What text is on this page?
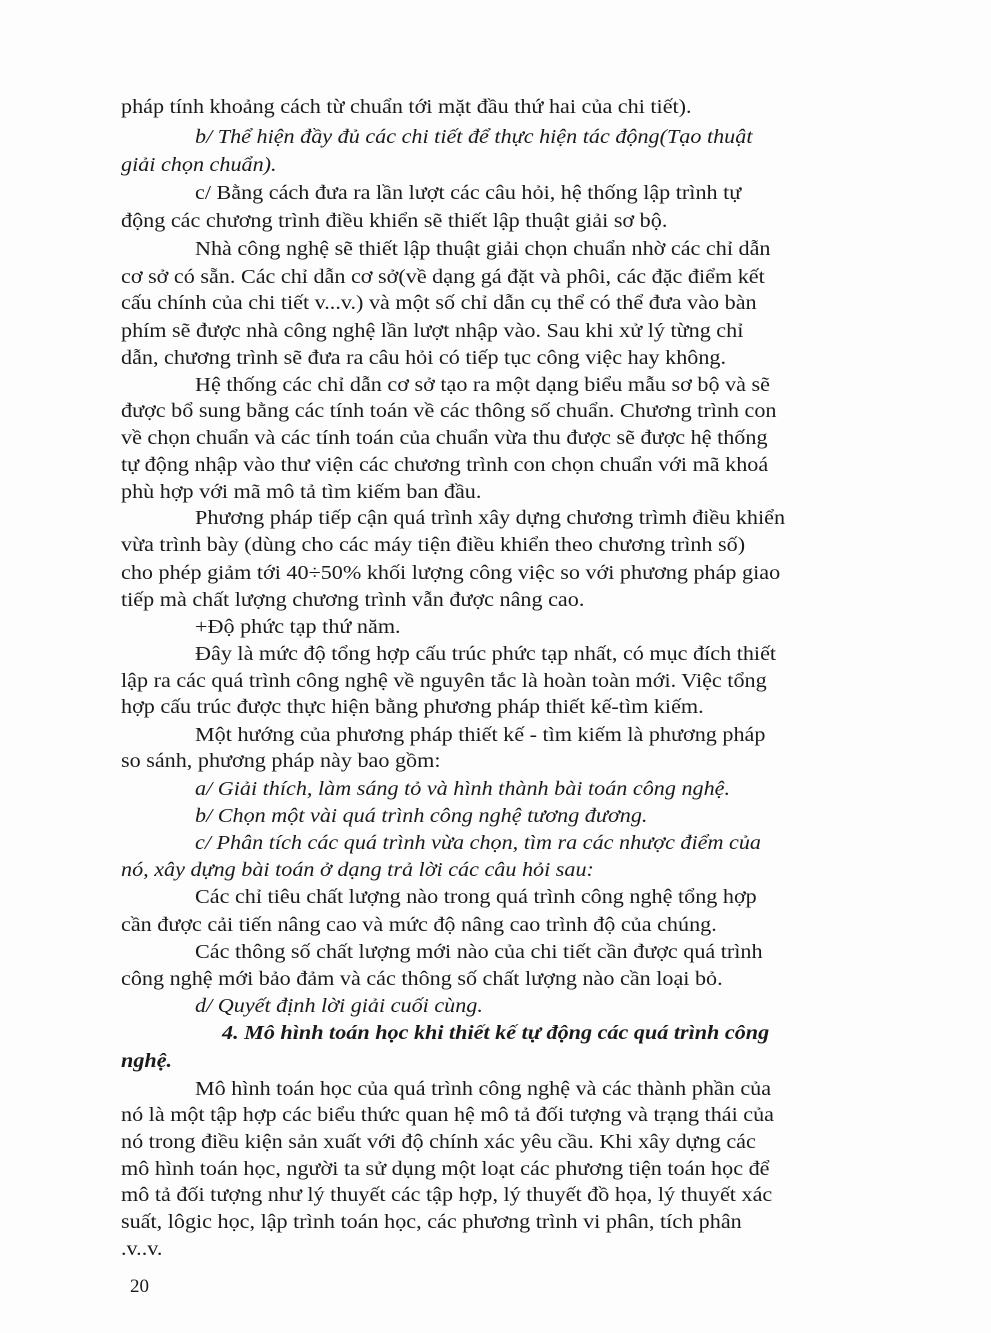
pháp tính khoảng cách từ chuẩn tới mặt đầu thứ hai của chi tiết).
b/ Thể hiện đầy đủ các chi tiết để thực hiện tác động(Tạo thuật
giải chọn chuẩn).
c/ Bằng cách đưa ra lần lượt các câu hỏi, hệ thống lập trình tự
động các chương trình điều khiển sẽ thiết lập thuật giải sơ bộ.
Nhà công nghệ sẽ thiết lập thuật giải chọn chuẩn nhờ các chỉ dẫn
cơ sở có sẵn. Các chỉ dẫn cơ sở(về dạng gá đặt và phôi, các đặc điểm kết
cấu chính của chi tiết v...v.) và một số chỉ dẫn cụ thể có thể đưa vào bàn
phím sẽ được nhà công nghệ lần lượt nhập vào. Sau khi xử lý từng chỉ
dẫn, chương trình sẽ đưa ra câu hỏi có tiếp tục công việc hay không.
Hệ thống các chỉ dẫn cơ sở tạo ra một dạng biểu mẫu sơ bộ và sẽ
được bổ sung bằng các tính toán về các thông số chuẩn. Chương trình con
về chọn chuẩn và các tính toán của chuẩn vừa thu được sẽ được hệ thống
tự động nhập vào thư viện các chương trình con chọn chuẩn với mã khoá
phù hợp với mã mô tả tìm kiếm ban đầu.
Phương pháp tiếp cận quá trình xây dựng chương trìmh điều khiển
vừa trình bày (dùng cho các máy tiện điều khiển theo chương trình số)
cho phép giảm tới 40÷50% khối lượng công việc so với phương pháp giao
tiếp mà chất lượng chương trình vẫn được nâng cao.
+Độ phức tạp thứ năm.
Đây là mức độ tổng hợp cấu trúc phức tạp nhất, có mục đích thiết
lập ra các quá trình công nghệ về nguyên tắc là hoàn toàn mới. Việc tổng
hợp cấu trúc được thực hiện bằng phương pháp thiết kế-tìm kiếm.
Một hướng của phương pháp thiết kế - tìm kiếm là phương pháp
so sánh, phương pháp này bao gồm:
a/ Giải thích, làm sáng tỏ và hình thành bài toán công nghệ.
b/ Chọn một vài quá trình công nghệ tương đương.
c/ Phân tích các quá trình vừa chọn, tìm ra các nhược điểm của
nó, xây dựng bài toán ở dạng trả lời các câu hỏi sau:
Các chỉ tiêu chất lượng nào trong quá trình công nghệ tổng hợp
cần được cải tiến nâng cao và mức độ nâng cao trình độ của chúng.
Các thông số chất lượng mới nào của chi tiết cần được quá trình
công nghệ mới bảo đảm và các thông số chất lượng nào cần loại bỏ.
d/ Quyết định lời giải cuối cùng.
4. Mô hình toán học khi thiết kế tự động các quá trình công
nghệ.
Mô hình toán học của quá trình công nghệ và các thành phần của
nó là một tập hợp các biểu thức quan hệ mô tả đối tượng và trạng thái của
nó trong điều kiện sản xuất với độ chính xác yêu cầu. Khi xây dựng các
mô hình toán học, người ta sử dụng một loạt các phương tiện toán học để
mô tả đối tượng như lý thuyết các tập hợp, lý thuyết đồ họa, lý thuyết xác
suất, lôgic học, lập trình toán học, các phương trình vi phân, tích phân
.v..v.
20
